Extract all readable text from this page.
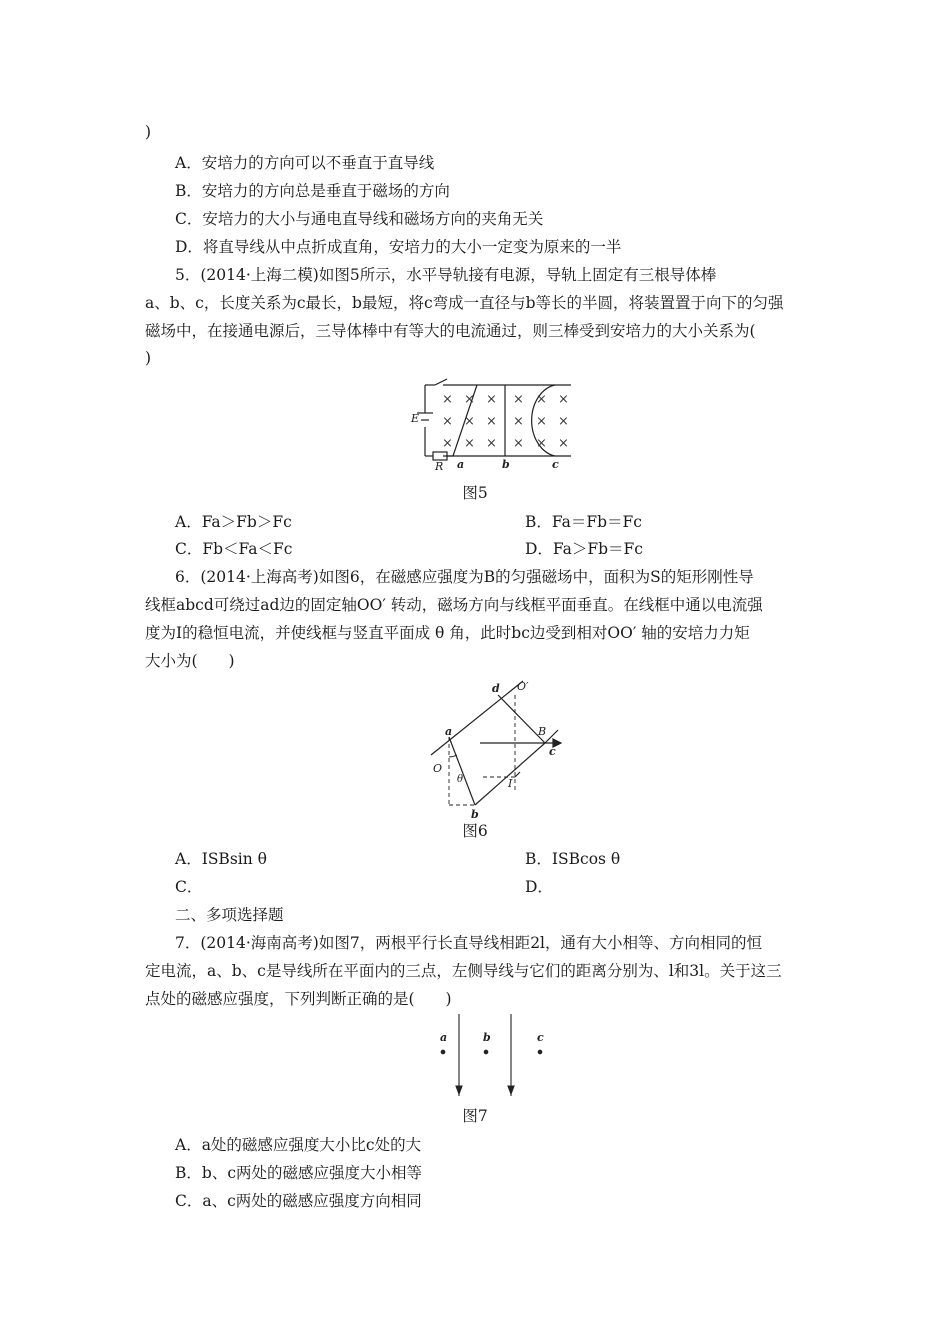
)
A．安培力的方向可以不垂直于直导线
B．安培力的方向总是垂直于磁场的方向
C．安培力的大小与通电直导线和磁场方向的夹角无关
D．将直导线从中点折成直角，安培力的大小一定变为原来的一半
5．(2014·上海二模)如图5所示，水平导轨接有电源，导轨上固定有三根导体棒
a、b、c，长度关系为c最长，b最短，将c弯成一直径与b等长的半圆，将装置置于向下的匀强
磁场中，在接通电源后，三导体棒中有等大的电流通过，则三棒受到安培力的大小关系为(
)
E
R a	b	c
× × × × × ×
× × × × × ×
× × × × × ×
图5
A．Fa＞Fb＞Fc	B．Fa＝Fb＝Fc
C．Fb＜Fa＜Fc	D．Fa＞Fb＝Fc
6．(2014·上海高考)如图6，在磁感应强度为B的匀强磁场中，面积为S的矩形刚性导
线框abcd可绕过ad边的固定轴OO′ 转动，磁场方向与线框平面垂直。在线框中通以电流强
度为I的稳恒电流，并使线框与竖直平面成 θ 角，此时bc边受到相对OO′ 轴的安培力力矩
大小为(　　)
d O′
a	B
c
O
θ	I
b
图6
A．ISBsin θ	B．ISBcos θ
C．	D．
二、多项选择题
7．(2014·海南高考)如图7，两根平行长直导线相距2l，通有大小相等、方向相同的恒
定电流，a、b、c是导线所在平面内的三点，左侧导线与它们的距离分别为、l和3l。关于这三
点处的磁感应强度，下列判断正确的是(　　)
a	b	c
图7
A．a处的磁感应强度大小比c处的大
B．b、c两处的磁感应强度大小相等
C．a、c两处的磁感应强度方向相同
